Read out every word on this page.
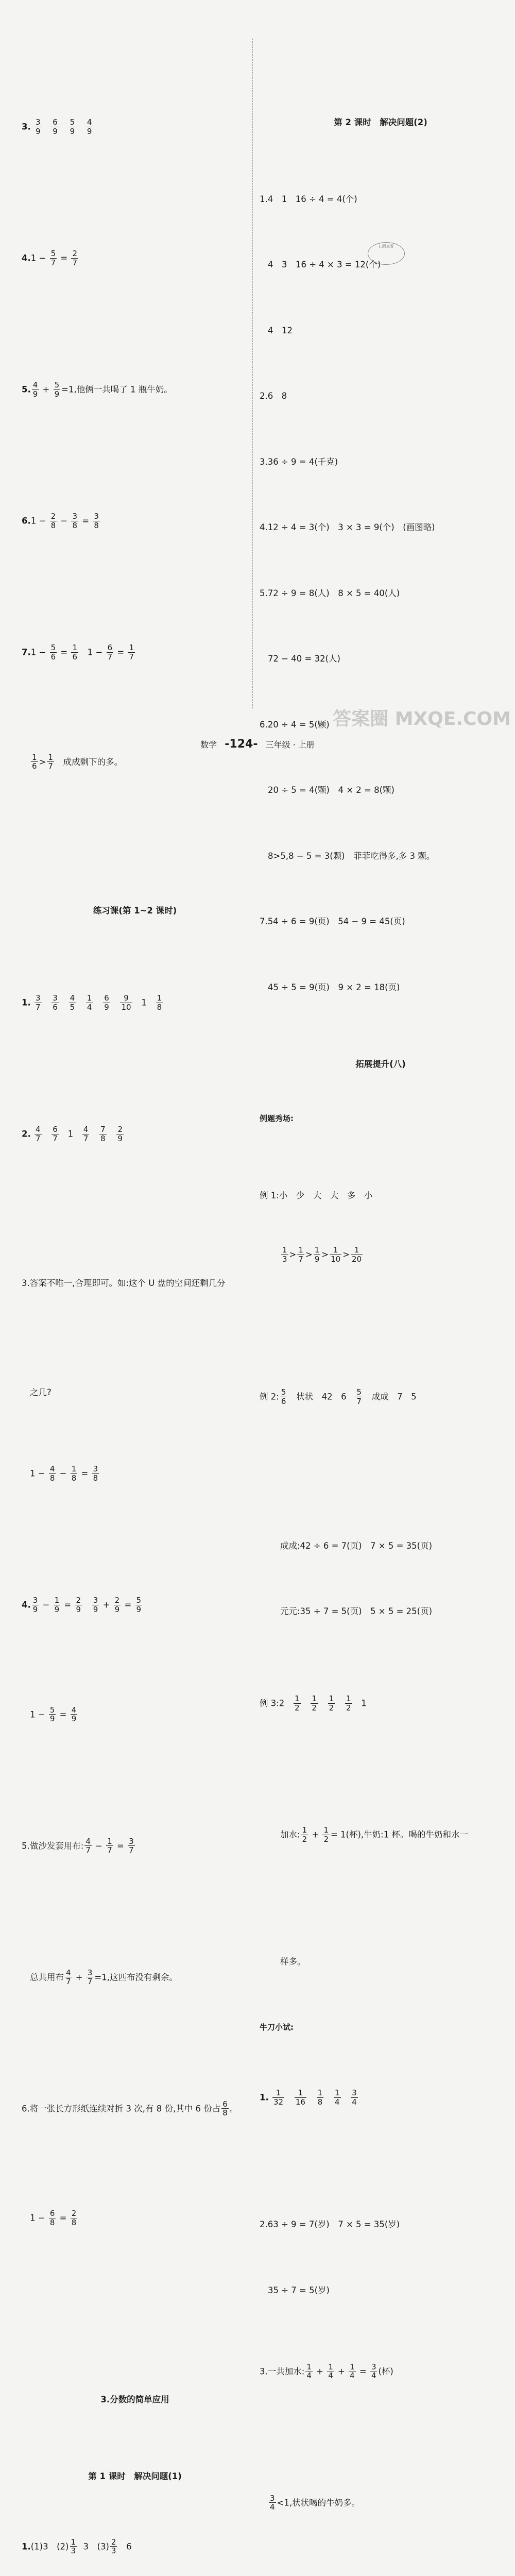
3. $\frac{3}{9}$
$\frac{6}{9}$
$\frac{5}{9}$
$\frac{4}{9}$
$4.1 - \frac{5}{7} = \frac{2}{7}$
5. $\frac{4}{9} + \frac{5}{9} =1$,他俩一共喝了 1 瓶牛奶。
$6.1 - \frac{2}{8} - \frac{3}{8} = \frac{3}{8}$
$7.1 - \frac{5}{6} = \frac{1}{6} 1 - \frac{6}{7} = \frac{1}{7}$
$\frac{1}{6} > \frac{1}{7}$ 成成剩下的多。
练习课(第 1~2 课时)
1. $\frac{3}{7}$
$\frac{3}{6}$
$\frac{4}{5}$
$\frac{1}{4}$
$\frac{6}{9}$
$\frac{9}{10} 1 \frac{1}{8}$
2. $\frac{4}{7}$
$\frac{6}{7} 1 \frac{4}{7}$
$\frac{7}{8}$
$\frac{2}{9}$
3.答案不唯一,合理即可。如:这个 U 盘的空间还剩几分
之几?
$1 - \frac{4}{8} - \frac{1}{8} = \frac{3}{8}$
4. $\frac{3}{9} - \frac{1}{9} = \frac{2}{9}$
$\frac{3}{9} + \frac{2}{9} = \frac{5}{9}$
$1 - \frac{5}{9} = \frac{4}{9}$
5.做沙发套用布: $\frac{4}{7} - \frac{1}{7} = \frac{3}{7}$
总共用布 $\frac{4}{7} + \frac{3}{7} =1$,这匹布没有剩余。
6.将一张长方形纸连续对折 3 次,有 8 份,其中 6 份占 $\frac{6}{8}$ 。
$1 - \frac{6}{8} = \frac{2}{8}$
3.分数的简单应用
第 1 课时　解决问题(1)
1.(1)3　$(2) \frac{1}{3} 3$　$(3) \frac{2}{3} 6$

第 2 课时　解决问题(2)
1.4　1　16 ÷ 4 = 4(个)
4　3　16 ÷ 4 × 3 = 12(个)
4　12
2.6　8
3.36 ÷ 9 = 4(千克)
4.12 ÷ 4 = 3(个)　3 × 3 = 9(个)　(画图略)
5.72 ÷ 9 = 8(人)　8 × 5 = 40(人)
72 − 40 = 32(人)
6.20 ÷ 4 = 5(颗)
20 ÷ 5 = 4(颗)　4 × 2 = 8(颗)
8>5,8 − 5 = 3(颗)　菲菲吃得多,多 3 颗。
7.54 ÷ 6 = 9(页)　54 − 9 = 45(页)
45 ÷ 5 = 9(页)　9 × 2 = 18(页)
拓展提升(八)
例题秀场:
例 1:小　少　大　大　多　小
$\frac{1}{3} > \frac{1}{7} > \frac{1}{9} > \frac{1}{10} > \frac{1}{20}$
例 2: $\frac{5}{6}$ 状状　42　$6 \frac{5}{7}$ 成成　7　5
成成:42 ÷ 6 = 7(页)　7 × 5 = 35(页)
元元:35 ÷ 7 = 5(页)　5 × 5 = 25(页)
例 3:2 $\frac{1}{2}$
$\frac{1}{2}$
$\frac{1}{2}$
$\frac{1}{2} 1$
加水: $\frac{1}{2} + \frac{1}{2} = 1$(杯),牛奶:1 杯。喝的牛奶和水一
样多。
牛刀小试:
1. $\frac{1}{32}$
$\frac{1}{16}$
$\frac{1}{8}$
$\frac{1}{4}$
$\frac{3}{4}$
2.63 ÷ 9 = 7(岁)　7 × 5 = 35(岁)
35 ÷ 7 = 5(岁)
3.一共加水: $\frac{1}{4} + \frac{1}{4} + \frac{1}{4} = \frac{3}{4}$ (杯)
$\frac{3}{4} <1$,状状喝的牛奶多。
扫码查看
数学 -124- 三年级 · 上册
答案圈 MXQE.COM
